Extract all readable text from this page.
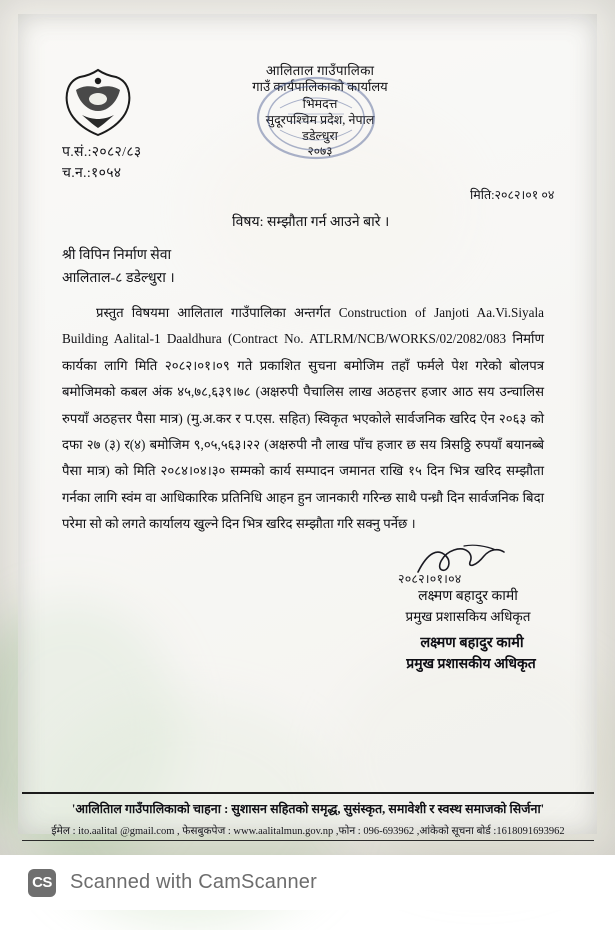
आलिताल गाउँपालिका
गाउँ कार्यपालिकाको कार्यालय
भिमदत्त
सुदूरपश्चिम प्रदेश, नेपाल
डडेल्धुरा
२०७३
प.सं.:२०८२/८३
च.न.:१०५४
मिति:२०८२।०१ ०४
विषय: सम्झौता गर्न आउने बारे ।
श्री विपिन निर्माण सेवा
आलिताल-८ डडेल्धुरा ।

प्रस्तुत विषयमा आलिताल गाउँपालिका अन्तर्गत Construction of Janjoti Aa.Vi.Siyala Building Aalital-1 Daaldhura (Contract No. ATLRM/NCB/WORKS/02/2082/083 निर्माण कार्यका लागि मिति २०८२।०१।०९ गते प्रकाशित सुचना बमोजिम तहाँ फर्मले पेश गरेको बोलपत्र बमोजिमको कबल अंक ४५,७८,६३९।७८ (अक्षरुपी पैचालिस लाख अठहत्तर हजार आठ सय उन्चालिस रुपयाँ अठहत्तर पैसा मात्र) (मु.अ.कर र प.एस. सहित) स्विकृत भएकोले सार्वजनिक खरिद ऐन २०६३ को दफा २७ (३) र(४) बमोजिम ९,०५,५६३।२२ (अक्षरुपी नौ लाख पाँच हजार छ सय त्रिसठ्ठि रुपयाँ बयानब्बे पैसा मात्र) को मिति २०८४।०४।३० सम्मको कार्य सम्पादन जमानत राखि १५ दिन भित्र खरिद सम्झौता गर्नका लागि स्वंम वा आधिकारिक प्रतिनिधि आहन हुन जानकारी गरिन्छ साथै पन्ध्रौ दिन सार्वजनिक बिदा परेमा सो को लगते कार्यालय खुल्ने दिन भित्र खरिद सम्झौता गरि सक्नु पर्नेछ ।

२०८२।०१।०४
लक्ष्मण बहादुर कामी
प्रमुख प्रशासकिय अधिकृत
लक्ष्मण बहादुर कामी
प्रमुख प्रशासकीय अधिकृत
'आलितिाल गाउँपालिकाको चाहना : सुशासन सहितको समृद्ध, सुसंस्कृत, समावेशी र स्वस्थ समाजको सिर्जना'
ईमेल : ito.aalital @gmail.com , फेसबुकपेज : www.aalitalmun.gov.np ,फोन : 096-693962 ,आंकेको सूचना बोर्ड :1618091693962
CS Scanned with CamScanner
